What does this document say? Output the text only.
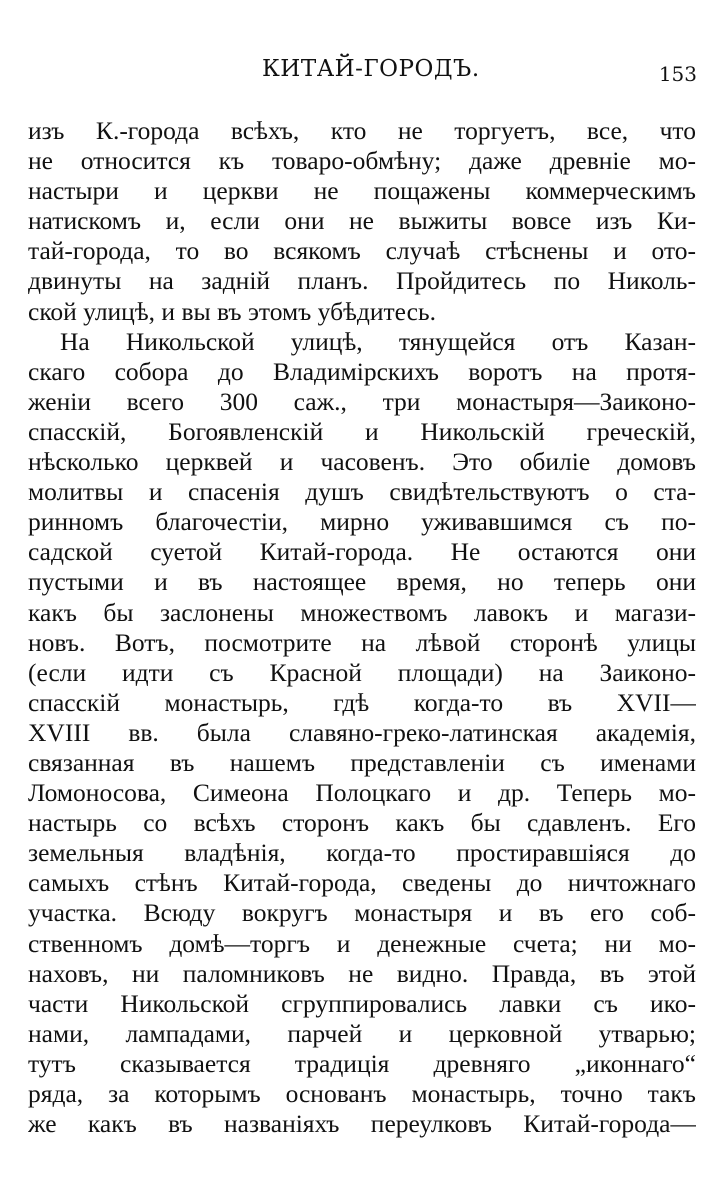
КИТАЙ-ГОРОДЪ.	153
изъ К.-города всѣхъ, кто не торгуетъ, все, что
не относится къ товаро-обмѣну; даже древніе мо-
настыри и церкви не пощажены коммерческимъ
натискомъ и, если они не выжиты вовсе изъ Ки-
тай-города, то во всякомъ случаѣ стѣснены и ото-
двинуты на задній планъ. Пройдитесь по Николь-
ской улицѣ, и вы въ этомъ убѣдитесь.
На Никольской улицѣ, тянущейся отъ Казан-
скаго собора до Владимірскихъ воротъ на протя-
женіи всего 300 саж., три монастыря—Заиконо-
спасскій, Богоявленскій и Никольскій греческій,
нѣсколько церквей и часовенъ. Это обиліе домовъ
молитвы и спасенія душъ свидѣтельствуютъ о ста-
ринномъ благочестіи, мирно уживавшимся съ по-
садской суетой Китай-города. Не остаются они
пустыми и въ настоящее время, но теперь они
какъ бы заслонены множествомъ лавокъ и магази-
новъ. Вотъ, посмотрите на лѣвой сторонѣ улицы
(если идти съ Красной площади) на Заиконо-
спасскій монастырь, гдѣ когда-то въ XVII—
XVIII вв. была славяно-греко-латинская академія,
связанная въ нашемъ представленіи съ именами
Ломоносова, Симеона Полоцкаго и др. Теперь мо-
настырь со всѣхъ сторонъ какъ бы сдавленъ. Его
земельныя владѣнія, когда-то простиравшіяся до
самыхъ стѣнъ Китай-города, сведены до ничтожнаго
участка. Всюду вокругъ монастыря и въ его соб-
ственномъ домѣ—торгъ и денежные счета; ни мо-
наховъ, ни паломниковъ не видно. Правда, въ этой
части Никольской сгруппировались лавки съ ико-
нами, лампадами, парчей и церковной утварью;
тутъ сказывается традиція древняго „иконнаго“
ряда, за которымъ основанъ монастырь, точно такъ
же какъ въ названіяхъ переулковъ Китай-города—
